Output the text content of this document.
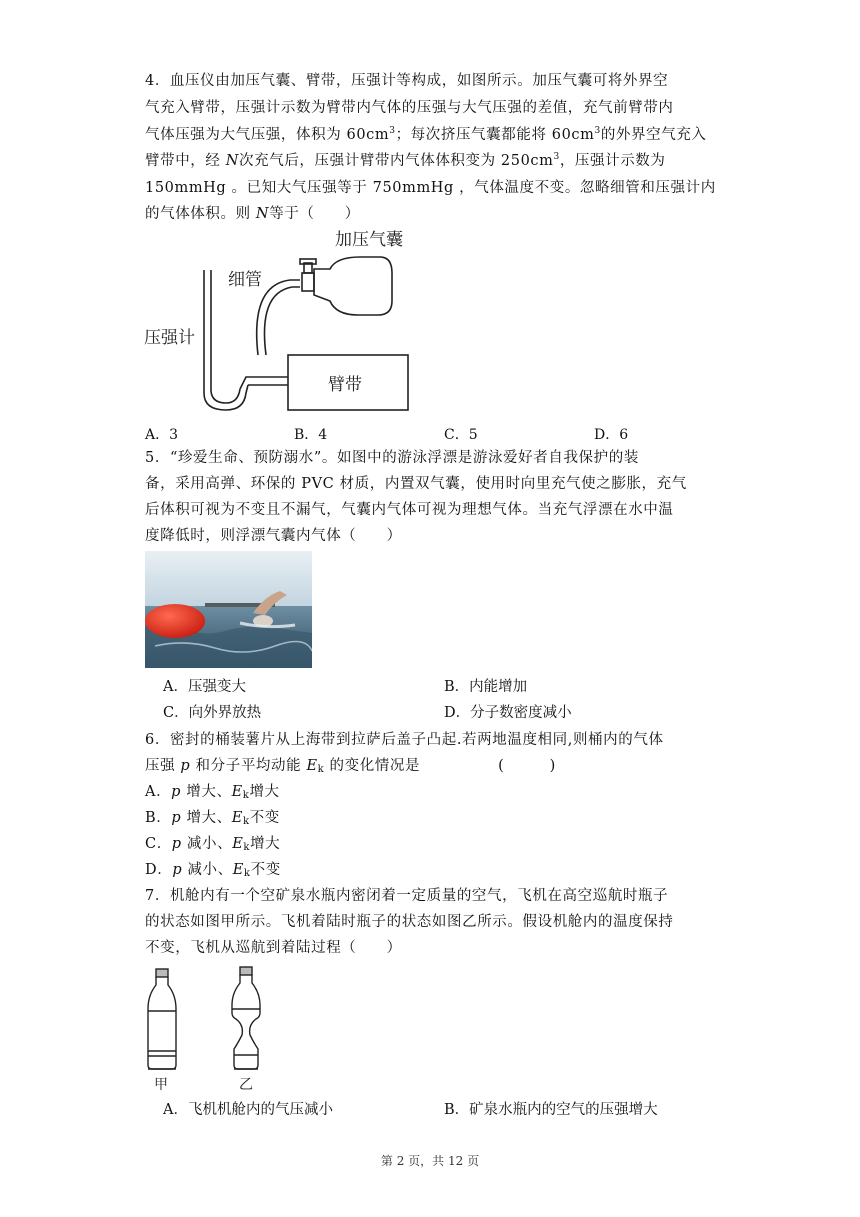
4．血压仪由加压气囊、臂带，压强计等构成，如图所示。加压气囊可将外界空
气充入臂带，压强计示数为臂带内气体的压强与大气压强的差值，充气前臂带内
气体压强为大气压强，体积为 $60cm^3$；每次挤压气囊都能将 $60cm^3$的外界空气充入
臂带中，经 N次充气后，压强计臂带内气体体积变为 $250cm^3$，压强计示数为
150mmHg 。已知大气压强等于 750mmHg ，气体温度不变。忽略细管和压强计内
的气体体积。则 N等于（　　）
加压气囊
细管
压强计
臂带
A．3	B．4	C．5	D．6
5．“珍爱生命、预防溺水”。如图中的游泳浮漂是游泳爱好者自我保护的装
备，采用高弹、环保的 PVC 材质，内置双气囊，使用时向里充气使之膨胀，充气
后体积可视为不变且不漏气，气囊内气体可视为理想气体。当充气浮漂在水中温
度降低时，则浮漂气囊内气体（　　）
A．压强变大	B．内能增加
C．向外界放热	D．分子数密度减小
6．密封的桶装薯片从上海带到拉萨后盖子凸起.若两地温度相同,则桶内的气体
压强 p 和分子平均动能 $E_k$ 的变化情况是	(　　　)
A．p 增大、$E_k$增大
B．p 增大、$E_k$不变
C．p 减小、$E_k$增大
D．p 减小、$E_k$不变
7．机舱内有一个空矿泉水瓶内密闭着一定质量的空气，飞机在高空巡航时瓶子
的状态如图甲所示。飞机着陆时瓶子的状态如图乙所示。假设机舱内的温度保持
不变，飞机从巡航到着陆过程（　　）
甲	乙
A．飞机机舱内的气压减小	B．矿泉水瓶内的空气的压强增大
第 2 页，共 12 页
